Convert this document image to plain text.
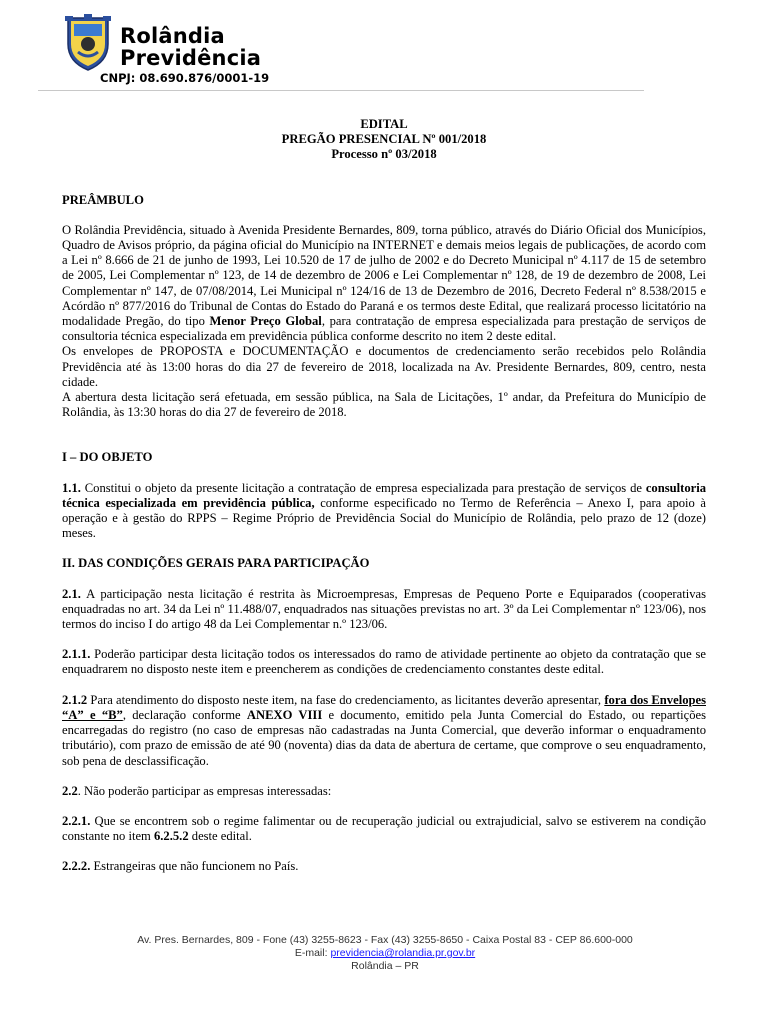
Rolândia
Previdência
CNPJ: 08.690.876/0001-19
EDITAL
PREGÃO PRESENCIAL Nº 001/2018
Processo nº 03/2018

PREÂMBULO

O Rolândia Previdência, situado à Avenida Presidente Bernardes, 809, torna público, através do Diário Oficial dos Municípios, Quadro de Avisos próprio, da página oficial do Município na INTERNET e demais meios legais de publicações, de acordo com a Lei nº 8.666 de 21 de junho de 1993, Lei 10.520 de 17 de julho de 2002 e do Decreto Municipal nº 4.117 de 15 de setembro de 2005, Lei Complementar nº 123, de 14 de dezembro de 2006 e Lei Complementar nº 128, de 19 de dezembro de 2008, Lei Complementar nº 147, de 07/08/2014, Lei Municipal nº 124/16 de 13 de Dezembro de 2016, Decreto Federal nº 8.538/2015 e Acórdão nº 877/2016 do Tribunal de Contas do Estado do Paraná e os termos deste Edital, que realizará processo licitatório na modalidade Pregão, do tipo Menor Preço Global, para contratação de empresa especializada para prestação de serviços de consultoria técnica especializada em previdência pública conforme descrito no item 2 deste edital.

Os envelopes de PROPOSTA e DOCUMENTAÇÃO e documentos de credenciamento serão recebidos pelo Rolândia Previdência até às 13:00 horas do dia 27 de fevereiro de 2018, localizada na Av. Presidente Bernardes, 809, centro, nesta cidade.

A abertura desta licitação será efetuada, em sessão pública, na Sala de Licitações, 1º andar, da Prefeitura do Município de Rolândia, às 13:30 horas do dia 27 de fevereiro de 2018.

I – DO OBJETO

1.1. Constitui o objeto da presente licitação a contratação de empresa especializada para prestação de serviços de consultoria técnica especializada em previdência pública, conforme especificado no Termo de Referência – Anexo I, para apoio à operação e à gestão do RPPS – Regime Próprio de Previdência Social do Município de Rolândia, pelo prazo de 12 (doze) meses.

II. DAS CONDIÇÕES GERAIS PARA PARTICIPAÇÃO

2.1. A participação nesta licitação é restrita às Microempresas, Empresas de Pequeno Porte e Equiparados (cooperativas enquadradas no art. 34 da Lei nº 11.488/07, enquadrados nas situações previstas no art. 3º da Lei Complementar nº 123/06), nos termos do inciso I do artigo 48 da Lei Complementar n.º 123/06.

2.1.1. Poderão participar desta licitação todos os interessados do ramo de atividade pertinente ao objeto da contratação que se enquadrarem no disposto neste item e preencherem as condições de credenciamento constantes deste edital.

2.1.2 Para atendimento do disposto neste item, na fase do credenciamento, as licitantes deverão apresentar, fora dos Envelopes “A” e “B”, declaração conforme ANEXO VIII e documento, emitido pela Junta Comercial do Estado, ou repartições encarregadas do registro (no caso de empresas não cadastradas na Junta Comercial, que deverão informar o enquadramento tributário), com prazo de emissão de até 90 (noventa) dias da data de abertura de certame, que comprove o seu enquadramento, sob pena de desclassificação.

2.2. Não poderão participar as empresas interessadas:

2.2.1. Que se encontrem sob o regime falimentar ou de recuperação judicial ou extrajudicial, salvo se estiverem na condição constante no item 6.2.5.2 deste edital.

2.2.2. Estrangeiras que não funcionem no País.

Av. Pres. Bernardes, 809 - Fone (43) 3255-8623 - Fax (43) 3255-8650 - Caixa Postal 83 - CEP 86.600-000
E-mail: previdencia@rolandia.pr.gov.br
Rolândia – PR
